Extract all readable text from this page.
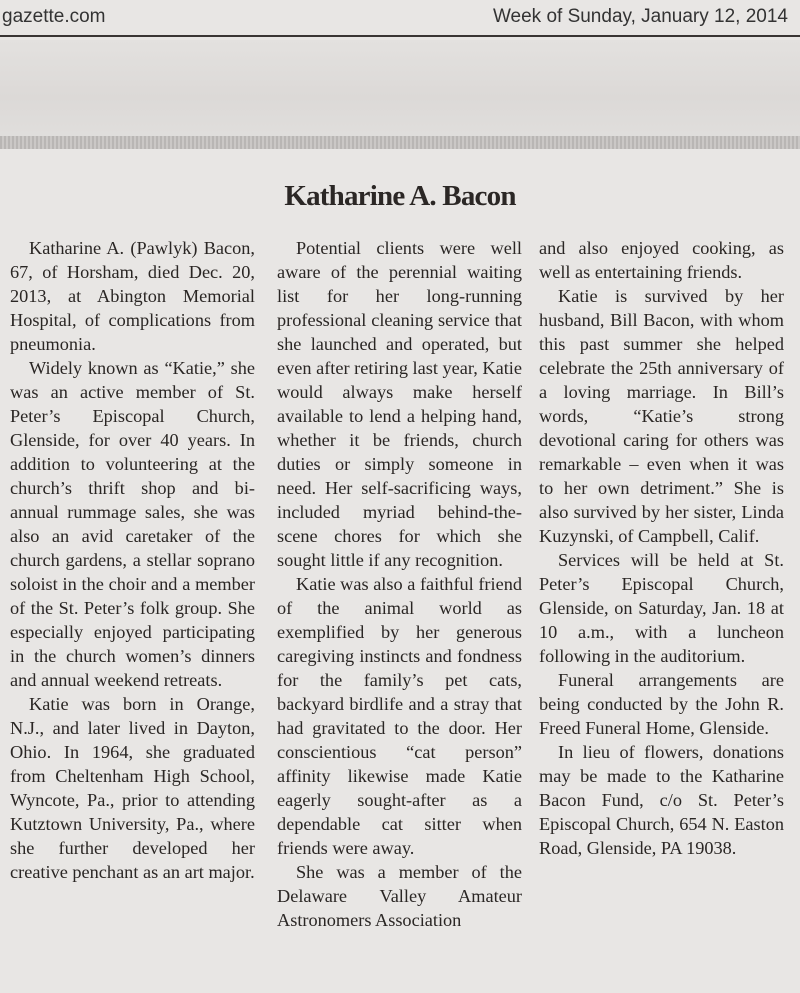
gazette.com	Week of Sunday, January 12, 2014
Katharine A. Bacon

Katharine A. (Pawlyk) Bacon, 67, of Horsham, died Dec. 20, 2013, at Abington Memorial Hospital, of complications from pneumonia.

Widely known as “Katie,” she was an active member of St. Peter’s Episcopal Church, Glenside, for over 40 years. In addition to volunteering at the church’s thrift shop and bi-annual rummage sales, she was also an avid caretaker of the church gardens, a stellar soprano soloist in the choir and a member of the St. Peter’s folk group. She especially enjoyed participating in the church women’s dinners and annual weekend retreats.

Katie was born in Orange, N.J., and later lived in Dayton, Ohio. In 1964, she graduated from Cheltenham High School, Wyncote, Pa., prior to attending Kutztown University, Pa., where she further developed her creative penchant as an art major.

Potential clients were well aware of the perennial waiting list for her long-running professional cleaning service that she launched and operated, but even after retiring last year, Katie would always make herself available to lend a helping hand, whether it be friends, church duties or simply someone in need. Her self-sacrificing ways, included myriad behind-the-scene chores for which she sought little if any recognition.

Katie was also a faithful friend of the animal world as exemplified by her generous caregiving instincts and fondness for the family’s pet cats, backyard birdlife and a stray that had gravitated to the door. Her conscientious “cat person” affinity likewise made Katie eagerly sought-after as a dependable cat sitter when friends were away.

She was a member of the Delaware Valley Amateur Astronomers Association

and also enjoyed cooking, as well as entertaining friends.

Katie is survived by her husband, Bill Bacon, with whom this past summer she helped celebrate the 25th anniversary of a loving marriage. In Bill’s words, “Katie’s strong devotional caring for others was remarkable – even when it was to her own detriment.” She is also survived by her sister, Linda Kuzynski, of Campbell, Calif.

Services will be held at St. Peter’s Episcopal Church, Glenside, on Saturday, Jan. 18 at 10 a.m., with a luncheon following in the auditorium.

Funeral arrangements are being conducted by the John R. Freed Funeral Home, Glenside.

In lieu of flowers, donations may be made to the Katharine Bacon Fund, c/o St. Peter’s Episcopal Church, 654 N. Easton Road, Glenside, PA 19038.
